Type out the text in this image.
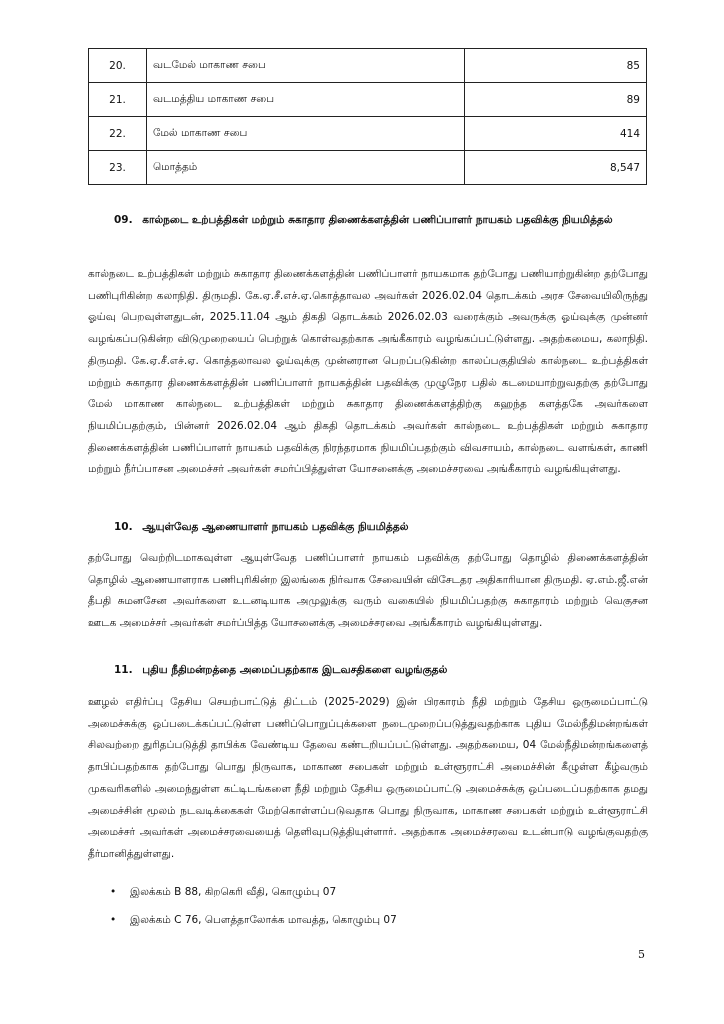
20.	வடமேல் மாகாண சபை	85
21.	வடமத்திய மாகாண சபை	89
22.	மேல் மாகாண சபை	414
23.	மொத்தம்	8,547
09. கால்நடை உற்பத்திகள் மற்றும் சுகாதார திணைக்களத்தின் பணிப்பாளர் நாயகம் பதவிக்கு நியமித்தல்

கால்நடை உற்பத்திகள் மற்றும் சுகாதார திணைக்களத்தின் பணிப்பாளர் நாயகமாக தற்போது பணியாற்றுகின்ற தற்போது பணிபுரிகின்ற கலாநிதி. திருமதி. கே.ஏ.சீ.எச்.ஏ.கொத்தாவல அவர்கள் 2026.02.04 தொடக்கம் அரச சேவையிலிருந்து ஓய்வு பெறவுள்ளதுடன், 2025.11.04 ஆம் திகதி தொடக்கம் 2026.02.03 வரைக்கும் அவருக்கு ஓய்வுக்கு முன்னர் வழங்கப்படுகின்ற விடுமுறையைப் பெற்றுக் கொள்வதற்காக அங்கீகாரம் வழங்கப்பட்டுள்ளது. அதற்கமைய, கலாநிதி. திருமதி. கே.ஏ.சீ.எச்.ஏ. கொத்தலாவல ஓய்வுக்கு முன்னரான பெறப்படுகின்ற காலப்பகுதியில் கால்நடை உற்பத்திகள் மற்றும் சுகாதார திணைக்களத்தின் பணிப்பாளர் நாயகத்தின் பதவிக்கு முழுநேர பதில் கடமையாற்றுவதற்கு தற்போது மேல் மாகாண கால்நடை உற்பத்திகள் மற்றும் சுகாதார திணைக்களத்திற்கு கஹந்த களத்தகே அவர்களை நியமிப்பதற்கும், பின்னர் 2026.02.04 ஆம் திகதி தொடக்கம் அவர்கள் கால்நடை உற்பத்திகள் மற்றும் சுகாதார திணைக்களத்தின் பணிப்பாளர் நாயகம் பதவிக்கு நிரந்தரமாக நியமிப்பதற்கும் விவசாயம், கால்நடை வளங்கள், காணி மற்றும் நீர்ப்பாசன அமைச்சர் அவர்கள் சமர்ப்பித்துள்ள யோசனைக்கு அமைச்சரவை அங்கீகாரம் வழங்கியுள்ளது.

10. ஆயுள்வேத ஆணையாளர் நாயகம் பதவிக்கு நியமித்தல்

தற்போது வெற்றிடமாகவுள்ள ஆயுள்வேத பணிப்பாளர் நாயகம் பதவிக்கு தற்போது தொழில் திணைக்களத்தின் தொழில் ஆணையாளராக பணிபுரிகின்ற இலங்கை நிர்வாக சேவையின் விசேடதர அதிகாரியான திருமதி. ஏ.எம்.ஜீ.என் தீபதி சுமனசேன அவர்களை உடனடியாக அமுலுக்கு வரும் வகையில் நியமிப்பதற்கு சுகாதாரம் மற்றும் வெகுசன ஊடக அமைச்சர் அவர்கள் சமர்ப்பித்த யோசனைக்கு அமைச்சரவை அங்கீகாரம் வழங்கியுள்ளது.

11. புதிய நீதிமன்றத்தை அமைப்பதற்காக இடவசதிகளை வழங்குதல்

ஊழல் எதிர்ப்பு தேசிய செயற்பாட்டுத் திட்டம் (2025-2029) இன் பிரகாரம் நீதி மற்றும் தேசிய ஒருமைப்பாட்டு அமைச்சுக்கு ஒப்படைக்கப்பட்டுள்ள பணிப்பொறுப்புக்களை நடைமுறைப்படுத்துவதற்காக புதிய மேல்நீதிமன்றங்கள் சிலவற்றை துரிதப்படுத்தி தாபிக்க வேண்டிய தேவை கண்டறியப்பட்டுள்ளது. அதற்கமைய, 04 மேல்நீதிமன்றங்களைத் தாபிப்பதற்காக தற்போது பொது நிருவாக, மாகாண சபைகள் மற்றும் உள்ளூராட்சி அமைச்சின் கீழுள்ள கீழ்வரும் முகவரிகளில் அமைந்துள்ள கட்டிடங்களை நீதி மற்றும் தேசிய ஒருமைப்பாட்டு அமைச்சுக்கு ஒப்படைப்பதற்காக தமது அமைச்சின் மூலம் நடவடிக்கைகள் மேற்கொள்ளப்படுவதாக பொது நிருவாக, மாகாண சபைகள் மற்றும் உள்ளூராட்சி அமைச்சர் அவர்கள் அமைச்சரவையைத் தெளிவுபடுத்தியுள்ளார். அதற்காக அமைச்சரவை உடன்பாடு வழங்குவதற்கு தீர்மானித்துள்ளது.

• இலக்கம் B 88, கிறகெரி வீதி, கொழும்பு 07
• இலக்கம் C 76, பௌத்தாலோக்க மாவத்த, கொழும்பு 07
5
